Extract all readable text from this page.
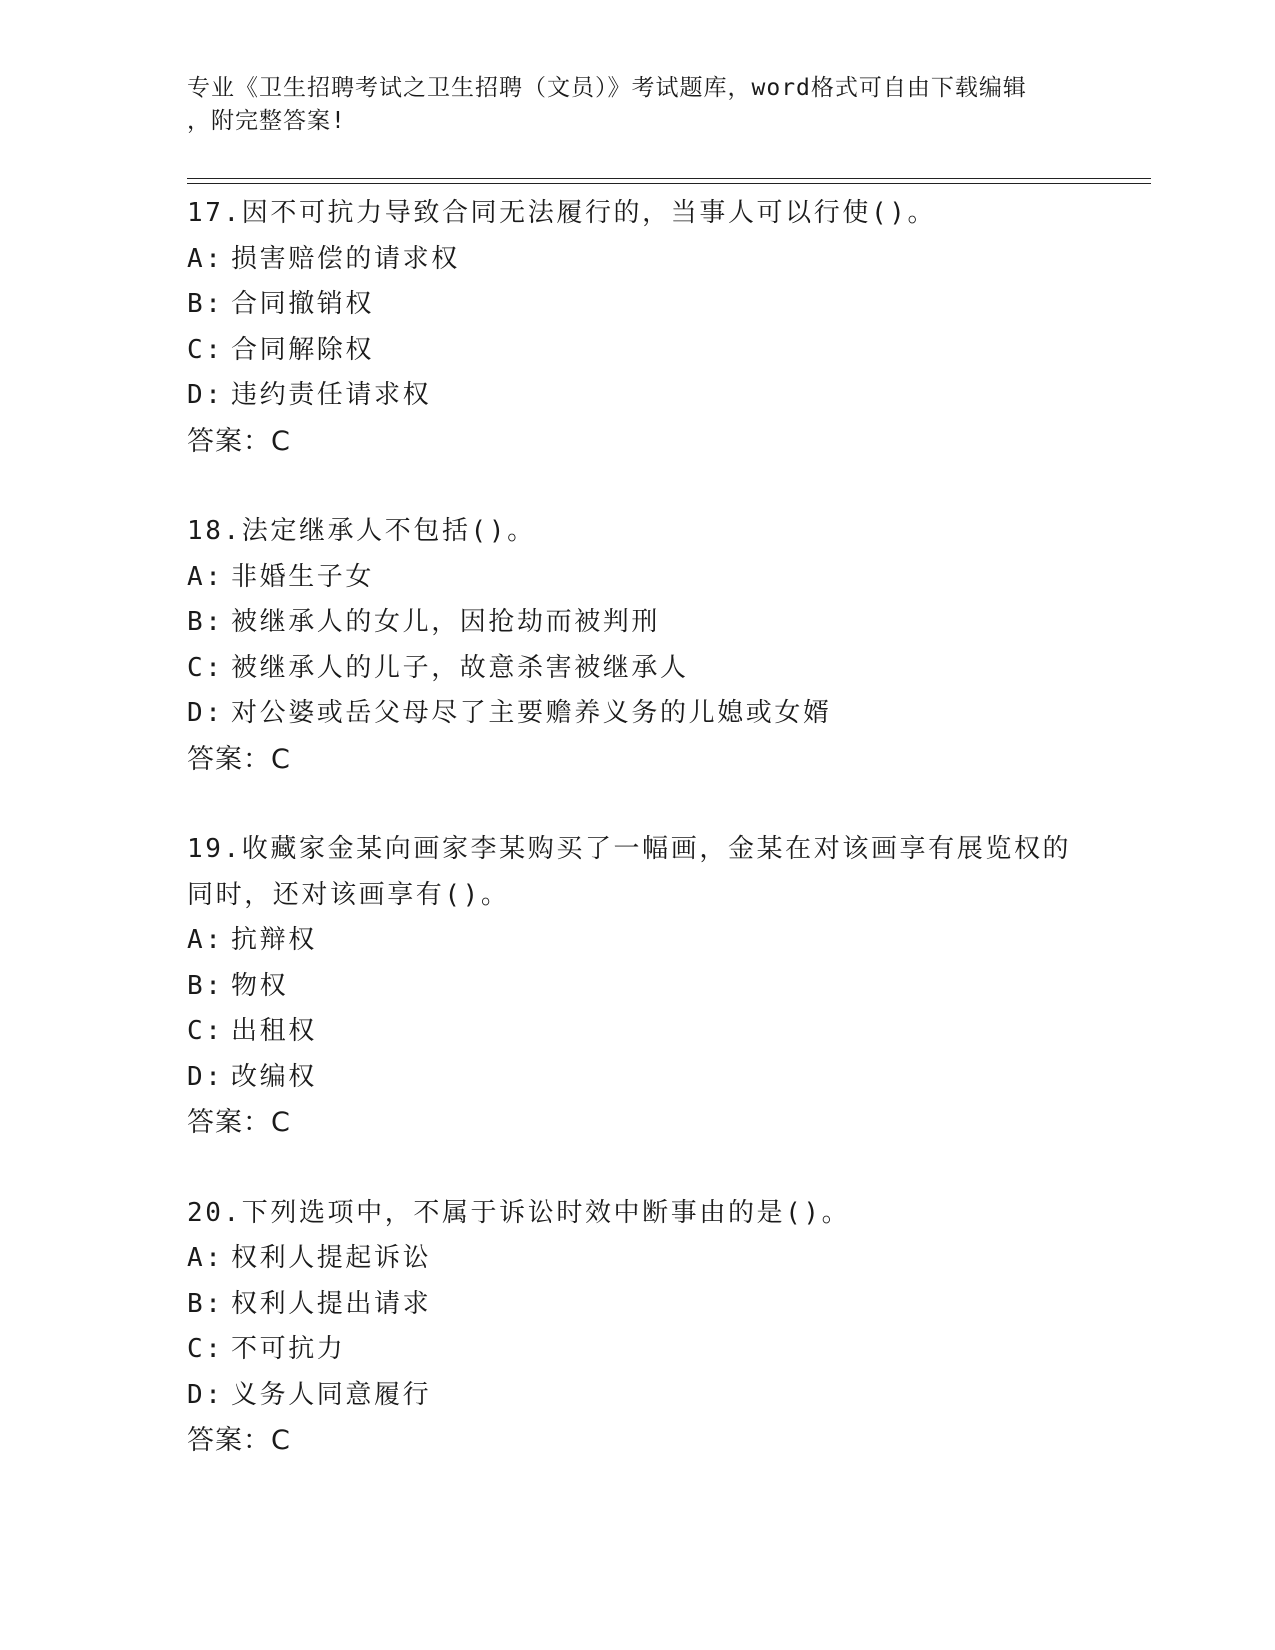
专业《卫生招聘考试之卫生招聘（文员）》考试题库，word格式可自由下载编辑
，附完整答案!
17.因不可抗力导致合同无法履行的，当事人可以行使()。
A: 损害赔偿的请求权
B: 合同撤销权
C: 合同解除权
D: 违约责任请求权
答案：C
18.法定继承人不包括()。
A: 非婚生子女
B: 被继承人的女儿，因抢劫而被判刑
C: 被继承人的儿子，故意杀害被继承人
D: 对公婆或岳父母尽了主要赡养义务的儿媳或女婿
答案：C
19.收藏家金某向画家李某购买了一幅画，金某在对该画享有展览权的
同时，还对该画享有()。
A: 抗辩权
B: 物权
C: 出租权
D: 改编权
答案：C
20.下列选项中，不属于诉讼时效中断事由的是()。
A: 权利人提起诉讼
B: 权利人提出请求
C: 不可抗力
D: 义务人同意履行
答案：C
